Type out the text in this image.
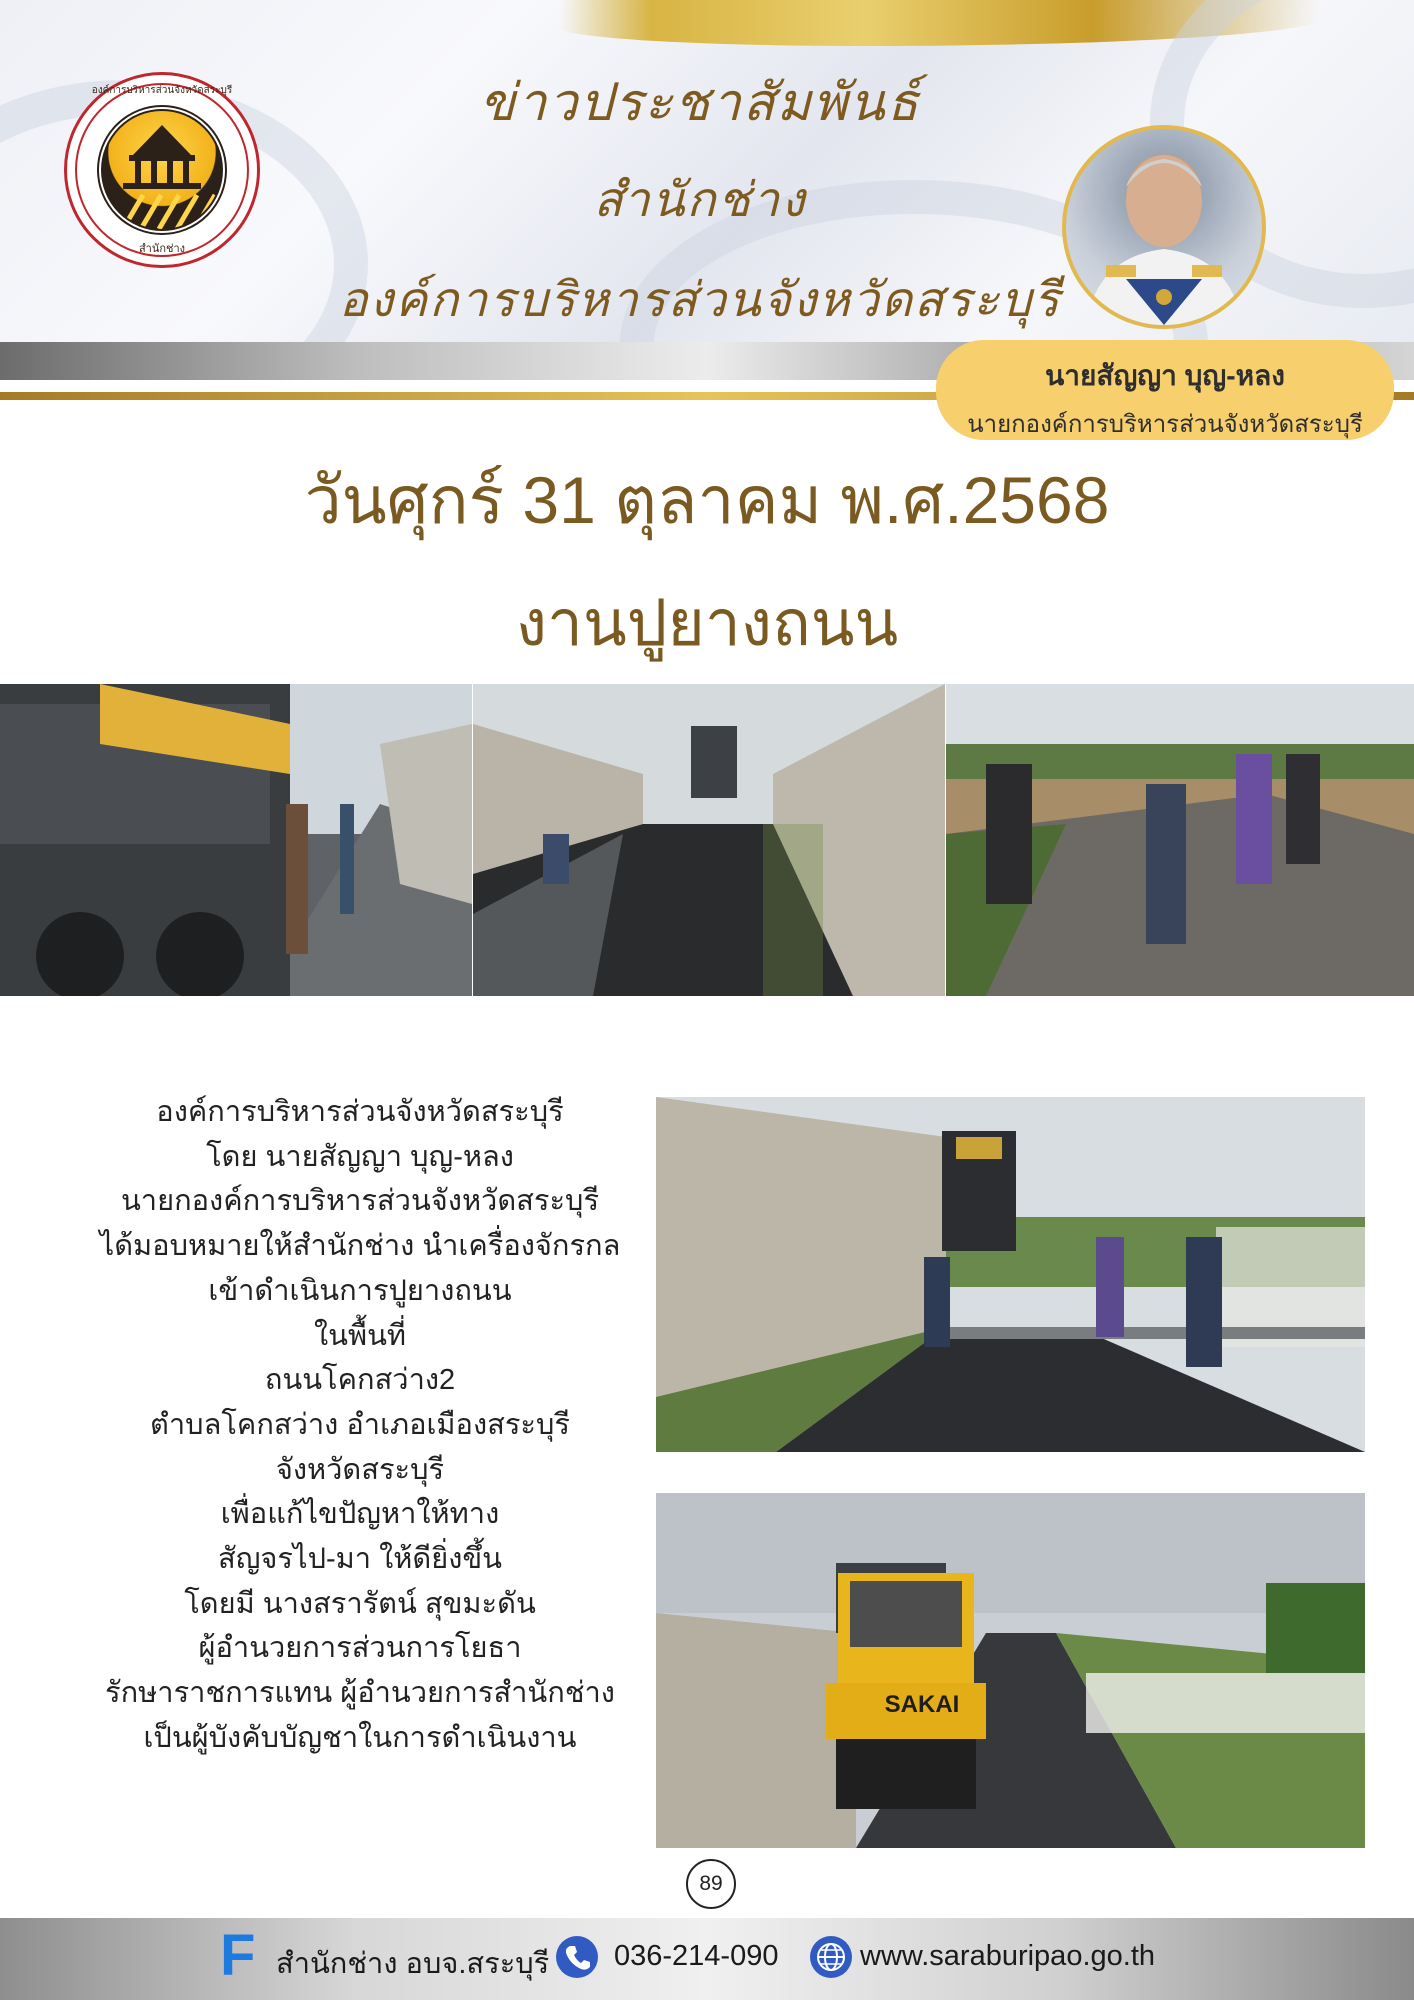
ข่าวประชาสัมพันธ์
สำนักช่าง
องค์การบริหารส่วนจังหวัดสระบุรี
องค์การบริหารส่วนจังหวัดสระบุรี
สำนักช่าง
นายสัญญา บุญ-หลง
นายกองค์การบริหารส่วนจังหวัดสระบุรี
วันศุกร์ 31 ตุลาคม พ.ศ.2568
งานปูยางถนน
องค์การบริหารส่วนจังหวัดสระบุรี
โดย นายสัญญา บุญ-หลง
นายกองค์การบริหารส่วนจังหวัดสระบุรี
ได้มอบหมายให้สำนักช่าง นำเครื่องจักรกล
เข้าดำเนินการปูยางถนน
ในพื้นที่
ถนนโคกสว่าง2
ตำบลโคกสว่าง อำเภอเมืองสระบุรี
จังหวัดสระบุรี
เพื่อแก้ไขปัญหาให้ทาง
สัญจรไป-มา ให้ดียิ่งขึ้น
โดยมี นางสรารัตน์ สุขมะดัน
ผู้อำนวยการส่วนการโยธา
รักษาราชการแทน ผู้อำนวยการสำนักช่าง
เป็นผู้บังคับบัญชาในการดำเนินงาน
SAKAI
89
F สำนักช่าง อบจ.สระบุรี 036-214-090	www.saraburipao.go.th
